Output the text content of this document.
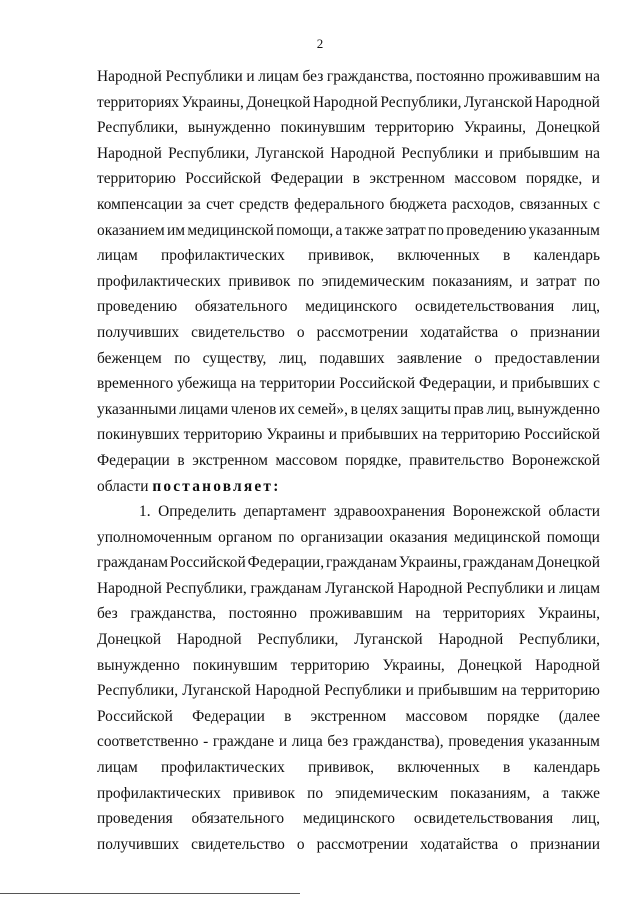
2
Народной Республики и лицам без гражданства, постоянно проживавшим на
территориях Украины, Донецкой Народной Республики, Луганской Народной
Республики, вынужденно покинувшим территорию Украины, Донецкой
Народной Республики, Луганской Народной Республики и прибывшим на
территорию Российской Федерации в экстренном массовом порядке, и
компенсации за счет средств федерального бюджета расходов, связанных с
оказанием им медицинской помощи, а также затрат по проведению указанным
лицам профилактических прививок, включенных в календарь
профилактических прививок по эпидемическим показаниям, и затрат по
проведению обязательного медицинского освидетельствования лиц,
получивших свидетельство о рассмотрении ходатайства о признании
беженцем по существу, лиц, подавших заявление о предоставлении
временного убежища на территории Российской Федерации, и прибывших с
указанными лицами членов их семей», в целях защиты прав лиц, вынужденно
покинувших территорию Украины и прибывших на территорию Российской
Федерации в экстренном массовом порядке, правительство Воронежской
области постановляет:
1. Определить департамент здравоохранения Воронежской области
уполномоченным органом по организации оказания медицинской помощи
гражданам Российской Федерации, гражданам Украины, гражданам Донецкой
Народной Республики, гражданам Луганской Народной Республики и лицам
без гражданства, постоянно проживавшим на территориях Украины,
Донецкой Народной Республики, Луганской Народной Республики,
вынужденно покинувшим территорию Украины, Донецкой Народной
Республики, Луганской Народной Республики и прибывшим на территорию
Российской Федерации в экстренном массовом порядке (далее
соответственно - граждане и лица без гражданства), проведения указанным
лицам профилактических прививок, включенных в календарь
профилактических прививок по эпидемическим показаниям, а также
проведения обязательного медицинского освидетельствования лиц,
получивших свидетельство о рассмотрении ходатайства о признании
